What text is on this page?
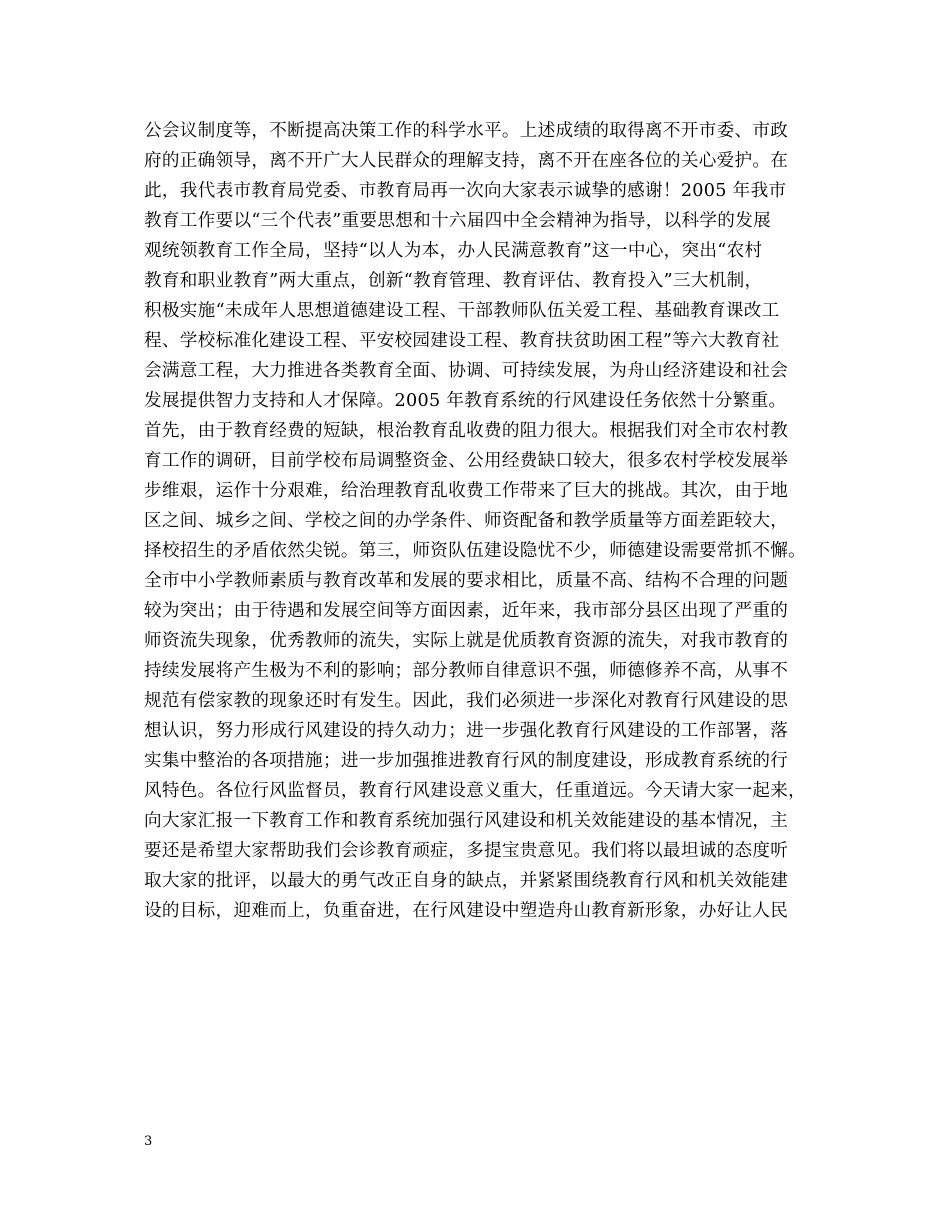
公会议制度等，不断提高决策工作的科学水平。上述成绩的取得离不开市委、市政
府的正确领导，离不开广大人民群众的理解支持，离不开在座各位的关心爱护。在
此，我代表市教育局党委、市教育局再一次向大家表示诚挚的感谢！2005 年我市
教育工作要以“三个代表”重要思想和十六届四中全会精神为指导，以科学的发展
观统领教育工作全局，坚持“以人为本，办人民满意教育”这一中心，突出“农村
教育和职业教育”两大重点，创新“教育管理、教育评估、教育投入”三大机制，
积极实施“未成年人思想道德建设工程、干部教师队伍关爱工程、基础教育课改工
程、学校标准化建设工程、平安校园建设工程、教育扶贫助困工程”等六大教育社
会满意工程，大力推进各类教育全面、协调、可持续发展，为舟山经济建设和社会
发展提供智力支持和人才保障。2005 年教育系统的行风建设任务依然十分繁重。
首先，由于教育经费的短缺，根治教育乱收费的阻力很大。根据我们对全市农村教
育工作的调研，目前学校布局调整资金、公用经费缺口较大，很多农村学校发展举
步维艰，运作十分艰难，给治理教育乱收费工作带来了巨大的挑战。其次，由于地
区之间、城乡之间、学校之间的办学条件、师资配备和教学质量等方面差距较大，
择校招生的矛盾依然尖锐。第三，师资队伍建设隐忧不少，师德建设需要常抓不懈。
全市中小学教师素质与教育改革和发展的要求相比，质量不高、结构不合理的问题
较为突出；由于待遇和发展空间等方面因素，近年来，我市部分县区出现了严重的
师资流失现象，优秀教师的流失，实际上就是优质教育资源的流失，对我市教育的
持续发展将产生极为不利的影响；部分教师自律意识不强，师德修养不高，从事不
规范有偿家教的现象还时有发生。因此，我们必须进一步深化对教育行风建设的思
想认识，努力形成行风建设的持久动力；进一步强化教育行风建设的工作部署，落
实集中整治的各项措施；进一步加强推进教育行风的制度建设，形成教育系统的行
风特色。各位行风监督员，教育行风建设意义重大，任重道远。今天请大家一起来，
向大家汇报一下教育工作和教育系统加强行风建设和机关效能建设的基本情况，主
要还是希望大家帮助我们会诊教育顽症，多提宝贵意见。我们将以最坦诚的态度听
取大家的批评，以最大的勇气改正自身的缺点，并紧紧围绕教育行风和机关效能建
设的目标，迎难而上，负重奋进，在行风建设中塑造舟山教育新形象，办好让人民
3
